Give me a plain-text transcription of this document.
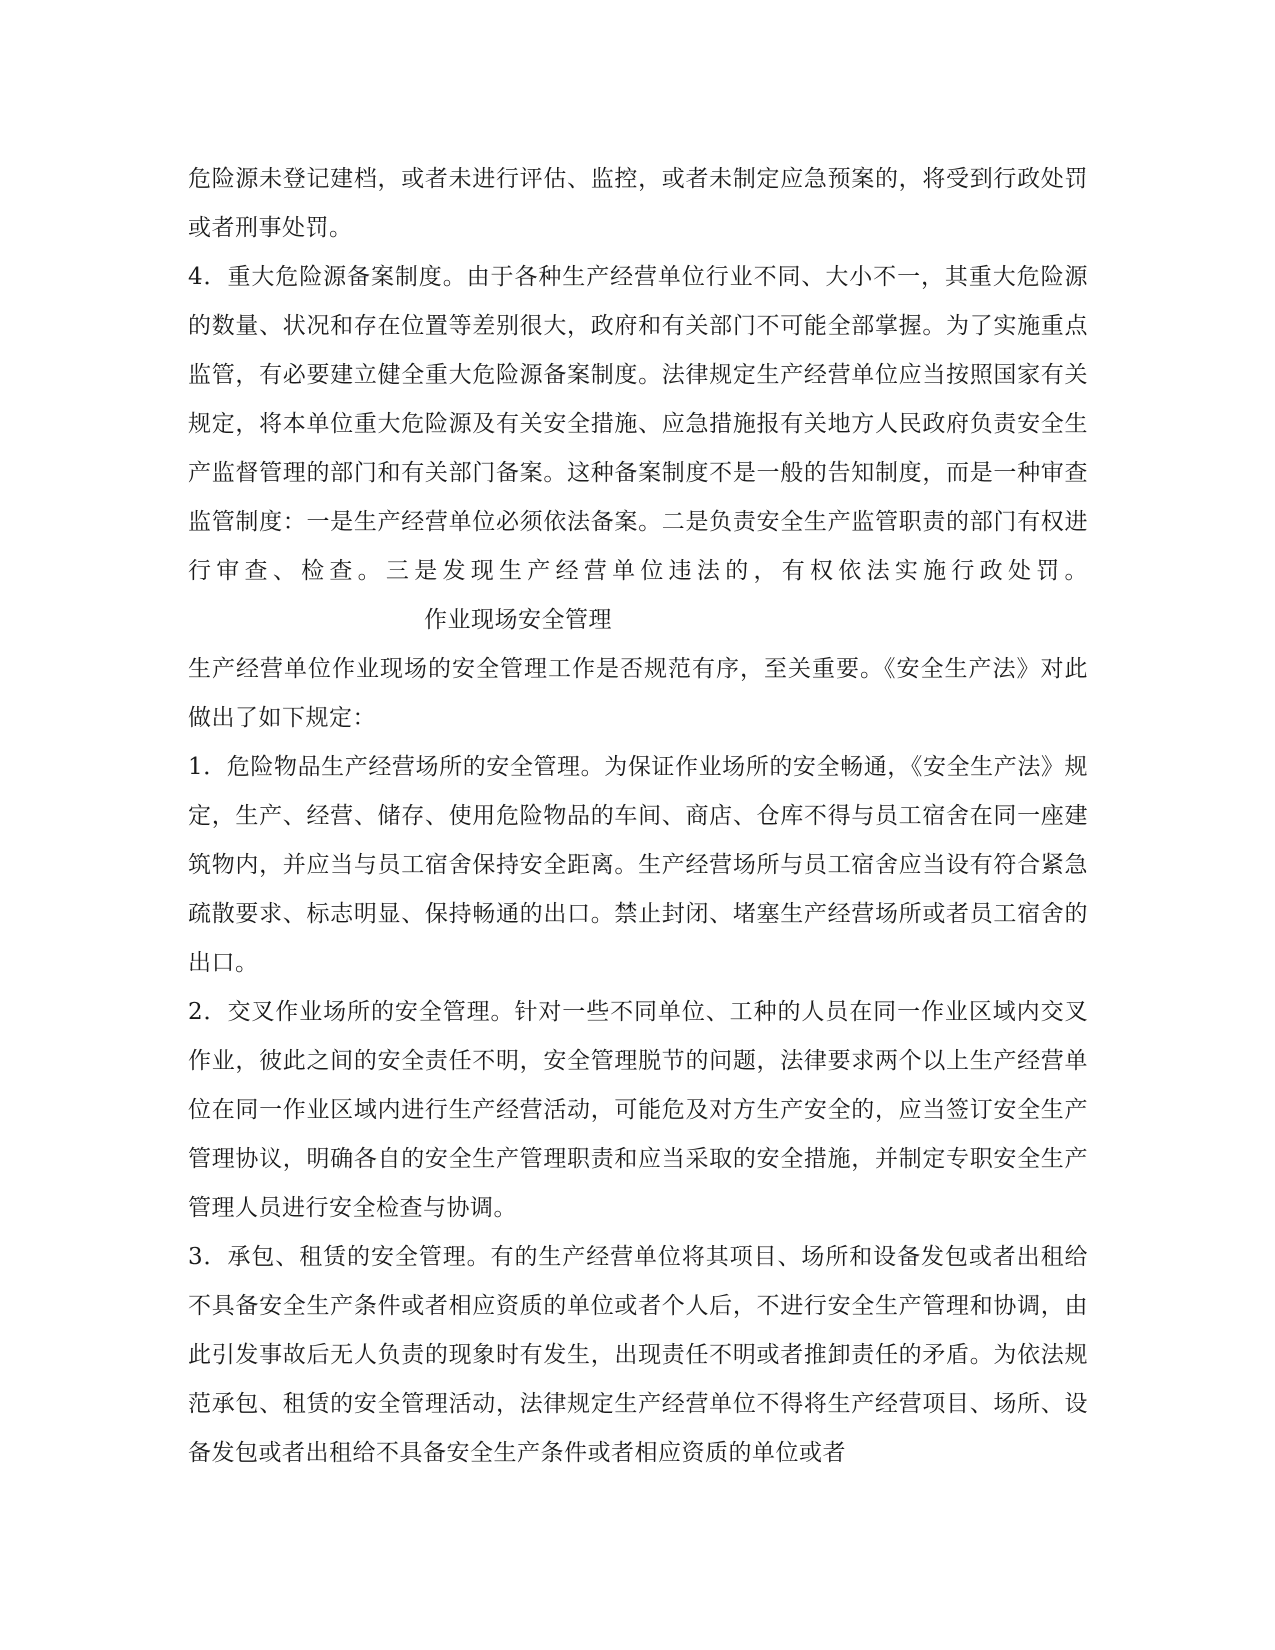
危险源未登记建档，或者未进行评估、监控，或者未制定应急预案的，将受到行政处罚或者刑事处罚。

4．重大危险源备案制度。由于各种生产经营单位行业不同、大小不一，其重大危险源的数量、状况和存在位置等差别很大，政府和有关部门不可能全部掌握。为了实施重点监管，有必要建立健全重大危险源备案制度。法律规定生产经营单位应当按照国家有关规定，将本单位重大危险源及有关安全措施、应急措施报有关地方人民政府负责安全生产监督管理的部门和有关部门备案。这种备案制度不是一般的告知制度，而是一种审查监管制度：一是生产经营单位必须依法备案。二是负责安全生产监管职责的部门有权进行审查、检查。三是发现生产经营单位违法的，有权依法实施行政处罚。作业现场安全管理

生产经营单位作业现场的安全管理工作是否规范有序，至关重要。《安全生产法》对此做出了如下规定：

1．危险物品生产经营场所的安全管理。为保证作业场所的安全畅通，《安全生产法》规定，生产、经营、储存、使用危险物品的车间、商店、仓库不得与员工宿舍在同一座建筑物内，并应当与员工宿舍保持安全距离。生产经营场所与员工宿舍应当设有符合紧急疏散要求、标志明显、保持畅通的出口。禁止封闭、堵塞生产经营场所或者员工宿舍的出口。

2．交叉作业场所的安全管理。针对一些不同单位、工种的人员在同一作业区域内交叉作业，彼此之间的安全责任不明，安全管理脱节的问题，法律要求两个以上生产经营单位在同一作业区域内进行生产经营活动，可能危及对方生产安全的，应当签订安全生产管理协议，明确各自的安全生产管理职责和应当采取的安全措施，并制定专职安全生产管理人员进行安全检查与协调。

3．承包、租赁的安全管理。有的生产经营单位将其项目、场所和设备发包或者出租给不具备安全生产条件或者相应资质的单位或者个人后，不进行安全生产管理和协调，由此引发事故后无人负责的现象时有发生，出现责任不明或者推卸责任的矛盾。为依法规范承包、租赁的安全管理活动，法律规定生产经营单位不得将生产经营项目、场所、设备发包或者出租给不具备安全生产条件或者相应资质的单位或者
